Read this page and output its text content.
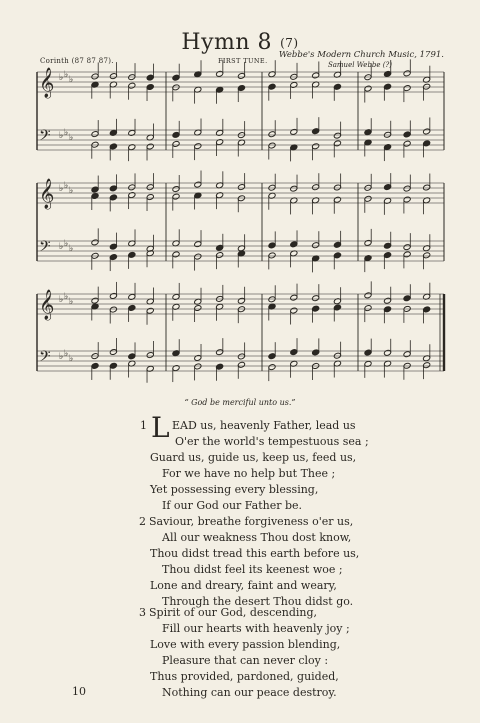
𝄞 ♭ ♭ ♭
𝄢 ♭ ♭ ♭
𝄞 ♭ ♭ ♭
𝄢 ♭ ♭ ♭
𝄞 ♭ ♭ ♭
𝄢 ♭ ♭ ♭
Hymn 8 $^{(7)}$
Webbe's Modern Church Music, 1791.
Samuel Webbe (?)
Corinth (87 87 87).	FIRST TUNE.
“ God be merciful unto us.”
1 L EAD us, heavenly Father, lead us
O'er the world's tempestuous sea ;
Guard us, guide us, keep us, feed us,
For we have no help but Thee ;
Yet possessing every blessing,
If our God our Father be.
2 Saviour, breathe forgiveness o'er us,
All our weakness Thou dost know,
Thou didst tread this earth before us,
Thou didst feel its keenest woe ;
Lone and dreary, faint and weary,
Through the desert Thou didst go.
3 Spirit of our God, descending,
Fill our hearts with heavenly joy ;
Love with every passion blending,
Pleasure that can never cloy :
Thus provided, pardoned, guided,
Nothing can our peace destroy.
10
